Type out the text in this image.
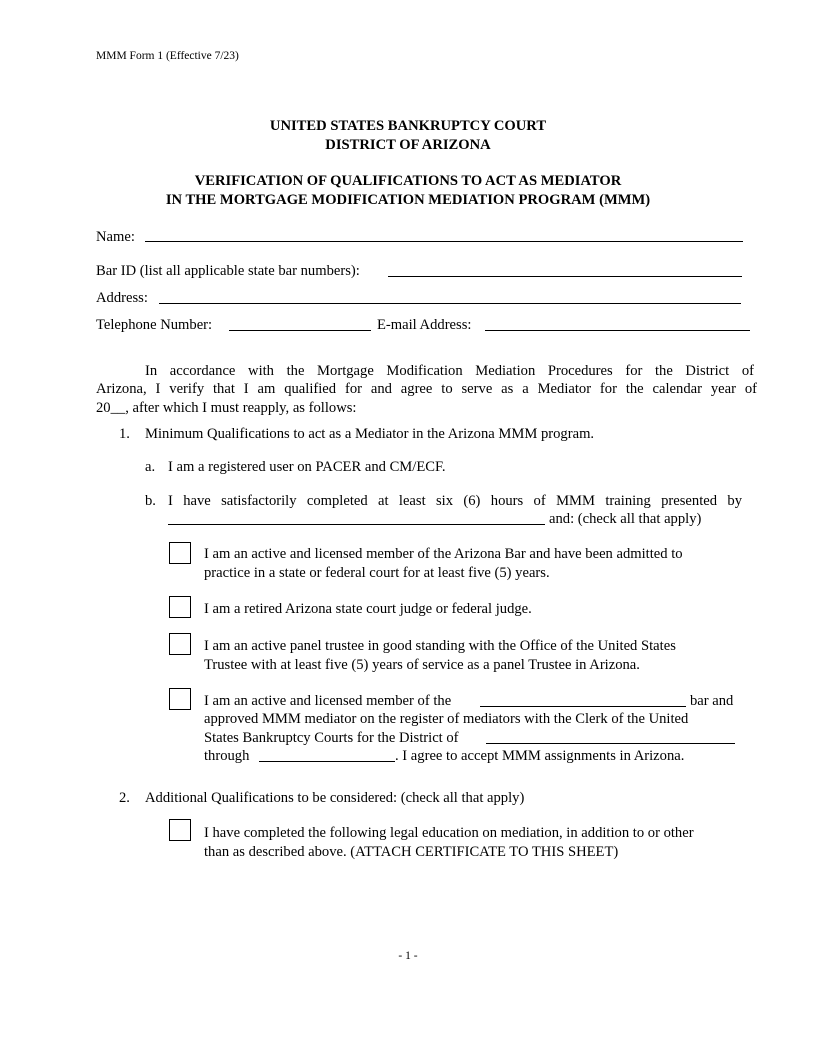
MMM Form 1 (Effective 7/23)
UNITED STATES BANKRUPTCY COURT
DISTRICT OF ARIZONA
VERIFICATION OF QUALIFICATIONS TO ACT AS MEDIATOR
IN THE MORTGAGE MODIFICATION MEDIATION PROGRAM (MMM)
Name:
Bar ID (list all applicable state bar numbers):
Address:
Telephone Number:	E-mail Address:
In accordance with the Mortgage Modification Mediation Procedures for the District of
Arizona, I verify that I am qualified for and agree to serve as a Mediator for the calendar year of
20__, after which I must reapply, as follows:
1. Minimum Qualifications to act as a Mediator in the Arizona MMM program.
a. I am a registered user on PACER and CM/ECF.
b. I have satisfactorily completed at least six (6) hours of MMM training presented by
and: (check all that apply)
I am an active and licensed member of the Arizona Bar and have been admitted to
practice in a state or federal court for at least five (5) years.
I am a retired Arizona state court judge or federal judge.
I am an active panel trustee in good standing with the Office of the United States
Trustee with at least five (5) years of service as a panel Trustee in Arizona.
I am an active and licensed member of the	bar and
approved MMM mediator on the register of mediators with the Clerk of the United
States Bankruptcy Courts for the District of
through	. I agree to accept MMM assignments in Arizona.
2. Additional Qualifications to be considered: (check all that apply)
I have completed the following legal education on mediation, in addition to or other
than as described above. (ATTACH CERTIFICATE TO THIS SHEET)
- 1 -
